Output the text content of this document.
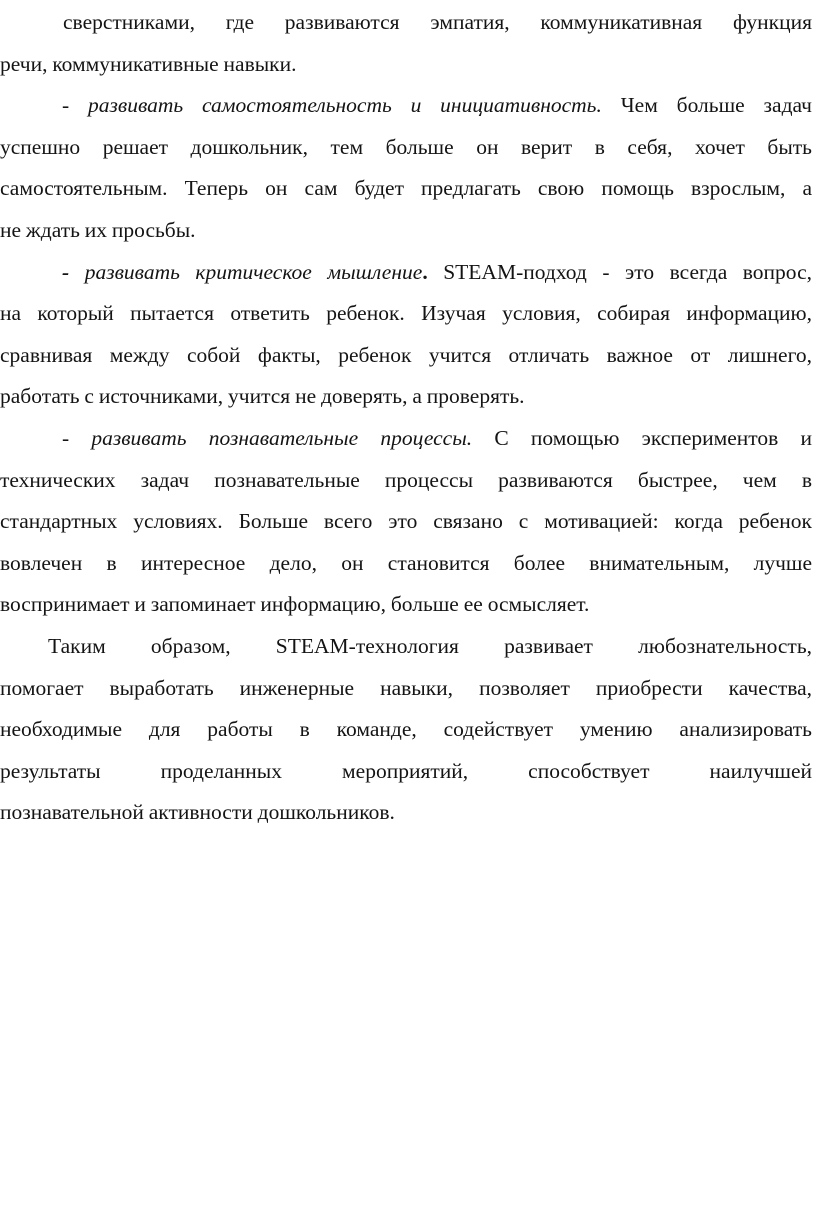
сверстниками, где развиваются эмпатия, коммуникативная функция
речи, коммуникативные навыки.
- развивать самостоятельность и инициативность. Чем больше задач
успешно решает дошкольник, тем больше он верит в себя, хочет быть
самостоятельным. Теперь он сам будет предлагать свою помощь взрослым, а
не ждать их просьбы.
- развивать критическое мышление. STEAM-подход - это всегда вопрос,
на который пытается ответить ребенок. Изучая условия, собирая информацию,
сравнивая между собой факты, ребенок учится отличать важное от лишнего,
работать с источниками, учится не доверять, а проверять.
- развивать познавательные процессы. С помощью экспериментов и
технических задач познавательные процессы развиваются быстрее, чем в
стандартных условиях. Больше всего это связано с мотивацией: когда ребенок
вовлечен в интересное дело, он становится более внимательным, лучше
воспринимает и запоминает информацию, больше ее осмысляет.
Таким образом, STEAM-технология развивает любознательность,
помогает выработать инженерные навыки, позволяет приобрести качества,
необходимые для работы в команде, содействует умению анализировать
результаты проделанных мероприятий, способствует наилучшей
познавательной активности дошкольников.
